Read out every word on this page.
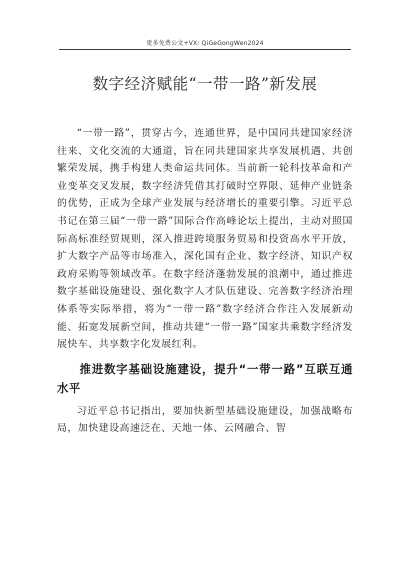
更多免费公文+VX: QiGeGongWen2024
数字经济赋能“一带一路”新发展

“一带一路”，贯穿古今，连通世界，是中国同共建国家经济往来、文化交流的大通道，旨在同共建国家共享发展机遇、共创繁荣发展，携手构建人类命运共同体。当前新一轮科技革命和产业变革交叉发展，数字经济凭借其打破时空界限、延伸产业链条的优势，正成为全球产业发展与经济增长的重要引擎。习近平总书记在第三届“一带一路”国际合作高峰论坛上提出，主动对照国际高标准经贸规则，深入推进跨境服务贸易和投资高水平开放，扩大数字产品等市场准入，深化国有企业、数字经济、知识产权政府采购等领域改革。在数字经济蓬勃发展的浪潮中，通过推进数字基础设施建设、强化数字人才队伍建设、完善数字经济治理体系等实际举措，将为“一带一路”数字经济合作注入发展新动能、拓宽发展新空间，推动共建“一带一路”国家共乘数字经济发展快车、共享数字化发展红利。

推进数字基础设施建设，提升“一带一路”互联互通水平

习近平总书记指出，要加快新型基础设施建设，加强战略布局，加快建设高速泛在、天地一体、云网融合、智
